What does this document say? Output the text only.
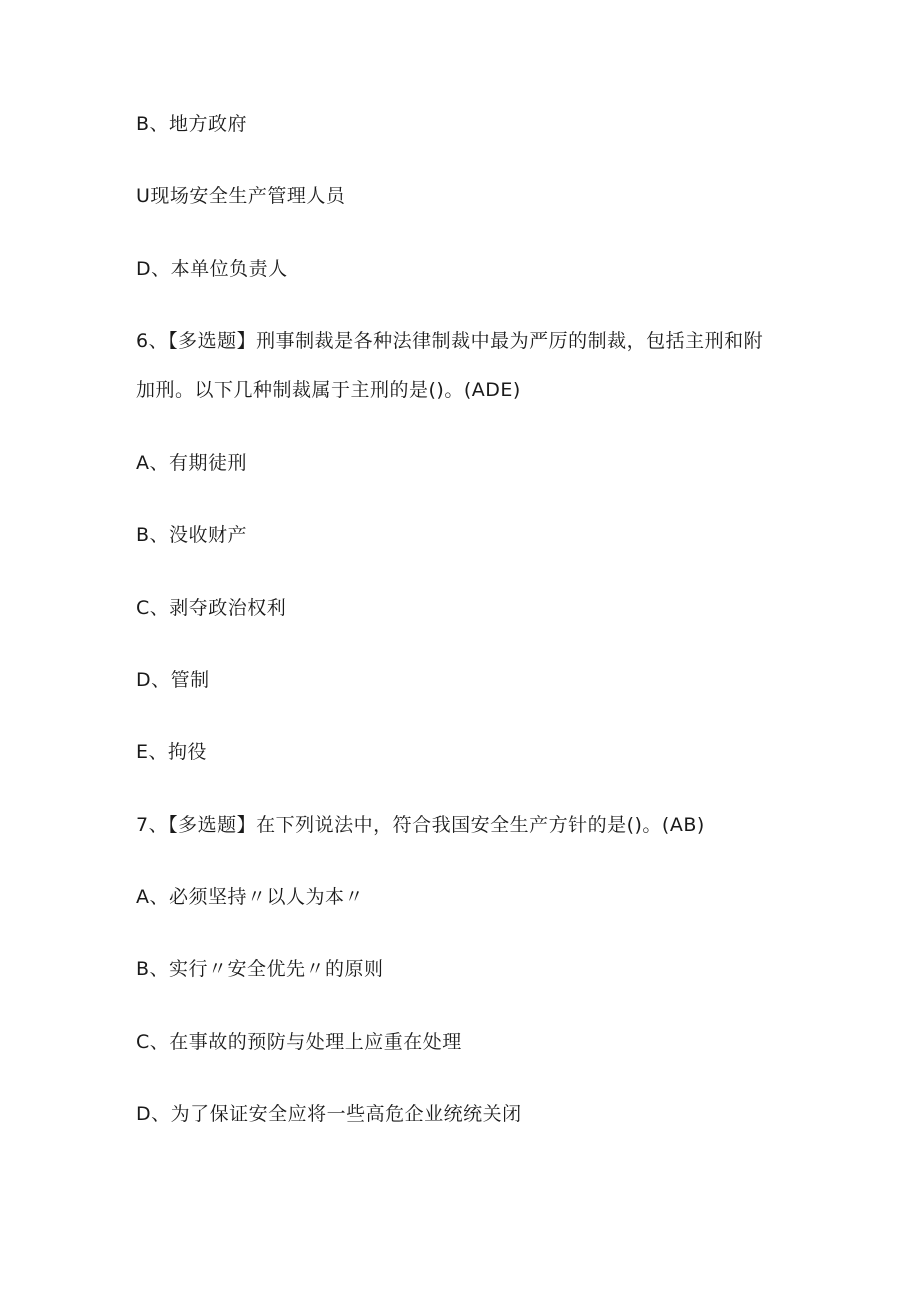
B、地方政府
U现场安全生产管理人员
D、本单位负责人
6、【多选题】刑事制裁是各种法律制裁中最为严厉的制裁，包括主刑和附加刑。以下几种制裁属于主刑的是()。(ADE)
A、有期徒刑
B、没收财产
C、剥夺政治权利
D、管制
E、拘役
7、【多选题】在下列说法中，符合我国安全生产方针的是()。(AB)
A、必须坚持〃以人为本〃
B、实行〃安全优先〃的原则
C、在事故的预防与处理上应重在处理
D、为了保证安全应将一些高危企业统统关闭
